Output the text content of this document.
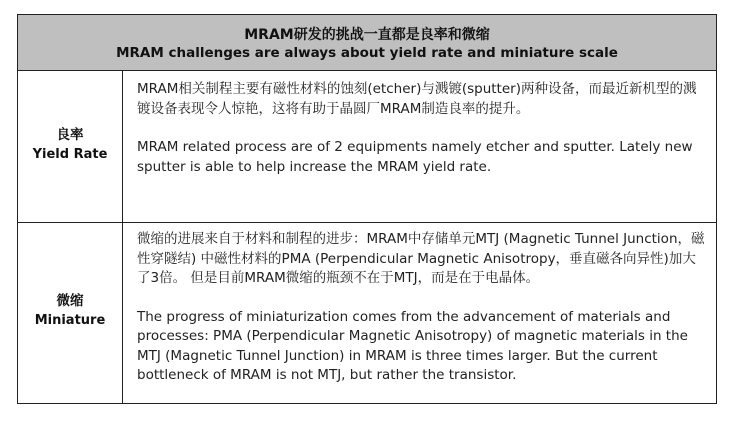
MRAM研发的挑战一直都是良率和微缩
MRAM challenges are always about yield rate and miniature scale
良率
Yield Rate

MRAM相关制程主要有磁性材料的蚀刻(etcher)与溅镀(sputter)两种设备，而最近新机型的溅镀设备表现令人惊艳，这将有助于晶圆厂MRAM制造良率的提升。

MRAM related process are of 2 equipments namely etcher and sputter. Lately new sputter is able to help increase the MRAM yield rate.

微缩
Miniature

微缩的进展来自于材料和制程的进步：MRAM中存储单元MTJ (Magnetic Tunnel Junction，磁性穿隧结) 中磁性材料的PMA (Perpendicular Magnetic Anisotropy，垂直磁各向异性)加大了3倍。 但是目前MRAM微缩的瓶颈不在于MTJ，而是在于电晶体。

The progress of miniaturization comes from the advancement of materials and processes: PMA (Perpendicular Magnetic Anisotropy) of magnetic materials in the MTJ (Magnetic Tunnel Junction) in MRAM is three times larger. But the current bottleneck of MRAM is not MTJ, but rather the transistor.
